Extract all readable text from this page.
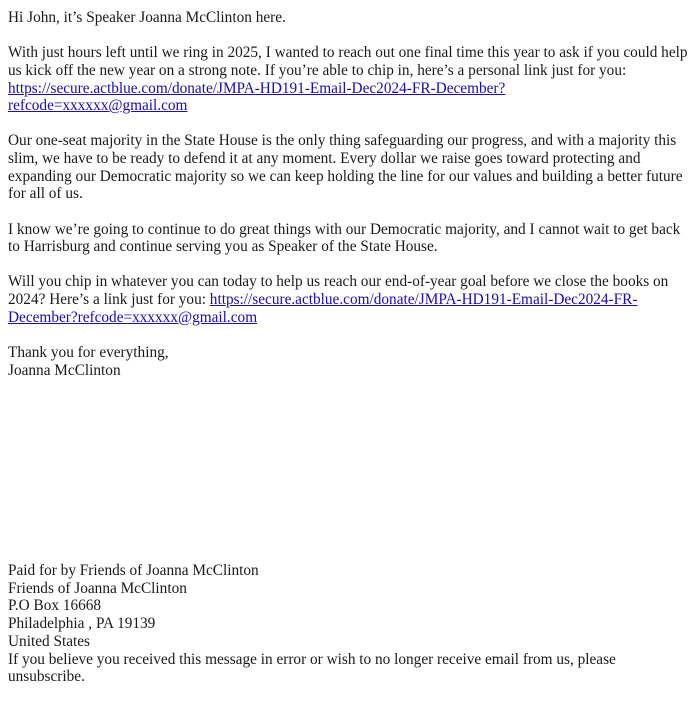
Hi John, it’s Speaker Joanna McClinton here.

With just hours left until we ring in 2025, I wanted to reach out one final time this year to ask if you could help us kick off the new year on a strong note. If you’re able to chip in, here’s a personal link just for you: https://secure.actblue.com/donate/JMPA-HD191-Email-Dec2024-FR-December?
refcode=xxxxxx@gmail.com

Our one-seat majority in the State House is the only thing safeguarding our progress, and with a majority this slim, we have to be ready to defend it at any moment. Every dollar we raise goes toward protecting and expanding our Democratic majority so we can keep holding the line for our values and building a better future for all of us.

I know we’re going to continue to do great things with our Democratic majority, and I cannot wait to get back to Harrisburg and continue serving you as Speaker of the State House.

Will you chip in whatever you can today to help us reach our end-of-year goal before we close the books on 2024? Here’s a link just for you: https://secure.actblue.com/donate/JMPA-HD191-Email-Dec2024-FR-December?refcode=xxxxxx@gmail.com

Thank you for everything,
Joanna McClinton

Paid for by Friends of Joanna McClinton
Friends of Joanna McClinton
P.O Box 16668
Philadelphia , PA 19139
United States
If you believe you received this message in error or wish to no longer receive email from us, please unsubscribe.
